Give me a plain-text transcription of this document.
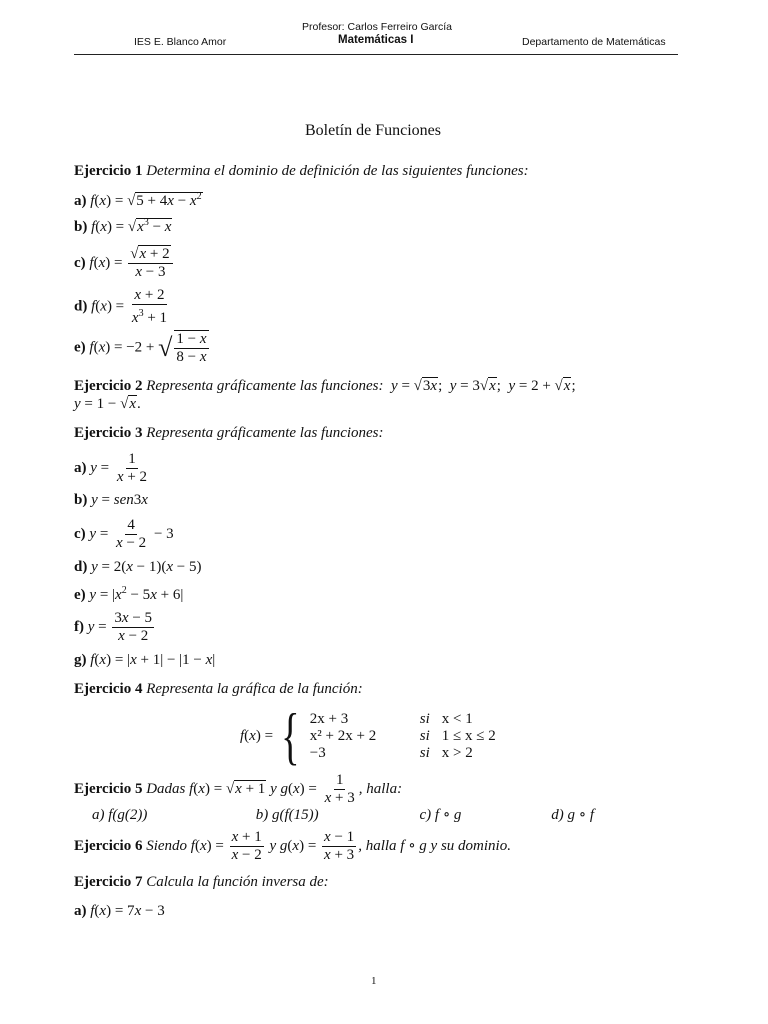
Profesor: Carlos Ferreiro García
IES E. Blanco Amor	Matemáticas I	Departamento de Matemáticas
Boletín de Funciones
Ejercicio 1 Determina el dominio de definición de las siguientes funciones:
a) $f(x) = √5 + 4x - x^2$
b) $f(x) = √x^3 - x$
c) $f(x) = \frac{√x + 2}{x - 3}$
d) $f(x) = \frac{x + 2}{x^3 + 1}$
e) f(x) = −2 + √ $\frac{1 - x}{8 - x}$
Ejercicio 2 Representa gráficamente las funciones: y = √3x;  y = 3√x;  y = 2 + √x;
y = 1 − √x.
Ejercicio 3 Representa gráficamente las funciones:
a) $y = \frac{1}{x + 2}$
b) y = sen3x
c) $y = \frac{4}{x - 2} - 3$
d) y = 2(x − 1)(x − 5)
e) $y = |x^2 - 5x + 6|$
f) $y = \frac{3x - 5}{x - 2}$
g) f(x) = |x + 1| − |1 − x|
Ejercicio 4 Representa la gráfica de la función:
f(x) = { 2x + 3	si	x < 1
x² + 2x + 2	si	1 ≤ x ≤ 2
−3	si	x > 2
Ejercicio 5 Dadas f(x) = √x + 1 y $g(x) = \frac{1}{x + 3}$ , halla:
a) f(g(2))	b) g(f(15))	c) f ∘ g	d) g ∘ f
Ejercicio 6 Siendo $f(x) = \frac{x + 1}{x - 2}$ y $g(x) = \frac{x - 1}{x + 3}$ , halla f ∘ g y su dominio.
Ejercicio 7 Calcula la función inversa de:
a) f(x) = 7x − 3
1
